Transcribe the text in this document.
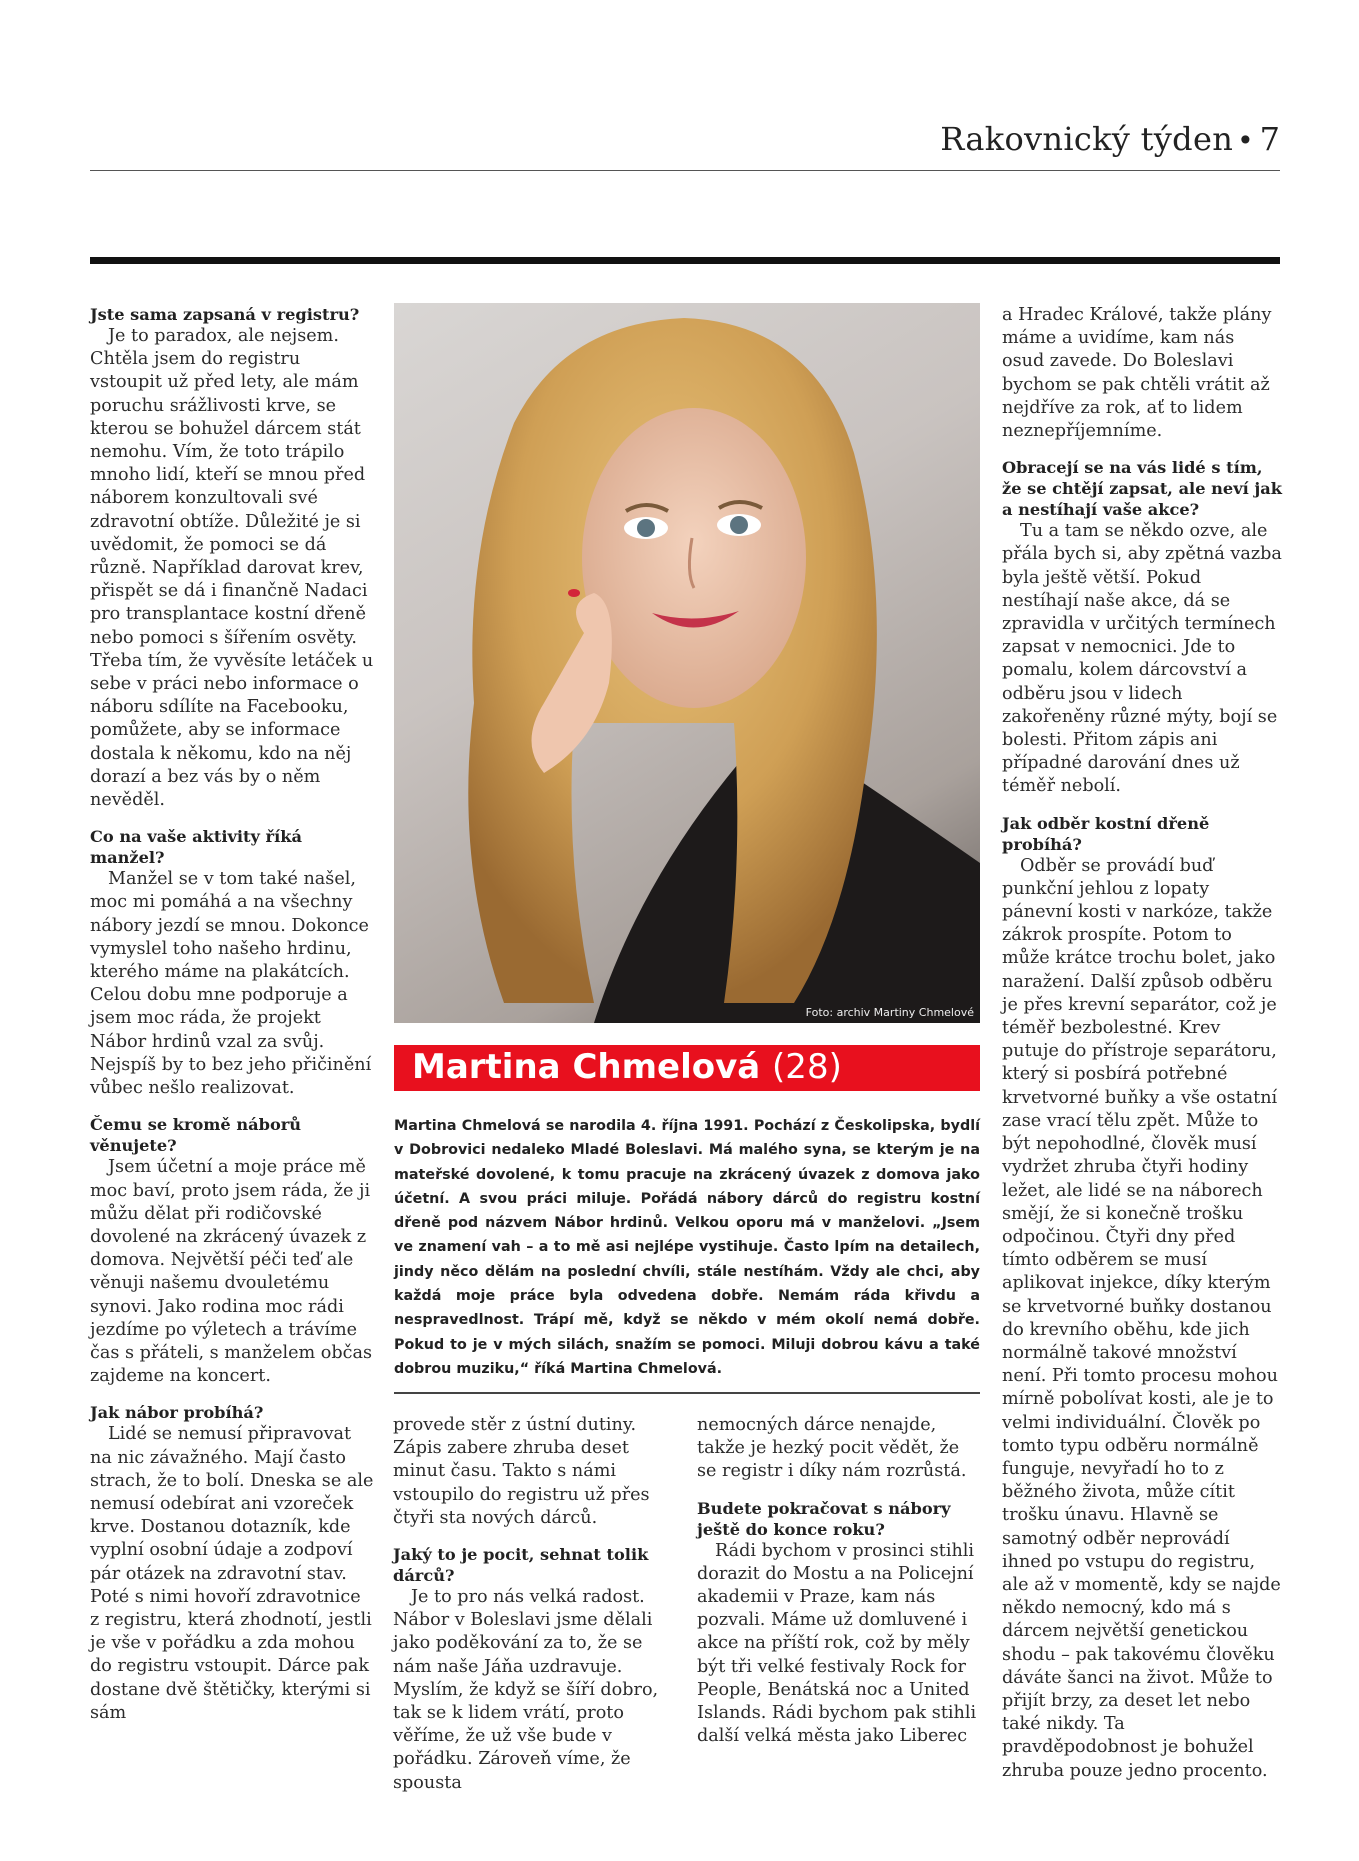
Rakovnický týden • 7

Jste sama zapsaná v registru?

Je to paradox, ale nejsem. Chtěla jsem do registru vstoupit už před lety, ale mám poruchu srážlivosti krve, se kterou se bohužel dárcem stát nemohu. Vím, že toto trápilo mnoho lidí, kteří se mnou před náborem konzultovali své zdravotní obtíže. Důležité je si uvědomit, že pomoci se dá různě. Například darovat krev, přispět se dá i finančně Nadaci pro transplantace kostní dřeně nebo pomoci s šířením osvěty. Třeba tím, že vyvěsíte letáček u sebe v práci nebo informace o náboru sdílíte na Facebooku, pomůžete, aby se informace dostala k někomu, kdo na něj dorazí a bez vás by o něm nevěděl.

Co na vaše aktivity říká manžel?

Manžel se v tom také našel, moc mi pomáhá a na všechny nábory jezdí se mnou. Dokonce vymyslel toho našeho hrdinu, kterého máme na plakátcích. Celou dobu mne podporuje a jsem moc ráda, že projekt Nábor hrdinů vzal za svůj. Nejspíš by to bez jeho přičinění vůbec nešlo realizovat.

Čemu se kromě náborů věnujete?

Jsem účetní a moje práce mě moc baví, proto jsem ráda, že ji můžu dělat při rodičovské dovolené na zkrácený úvazek z domova. Největší péči teď ale věnuji našemu dvouletému synovi. Jako rodina moc rádi jezdíme po výletech a trávíme čas s přáteli, s manželem občas zajdeme na koncert.

Jak nábor probíhá?

Lidé se nemusí připravovat na nic závažného. Mají často strach, že to bolí. Dneska se ale nemusí odebírat ani vzoreček krve. Dostanou dotazník, kde vyplní osobní údaje a zodpoví pár otázek na zdravotní stav. Poté s nimi hovoří zdravotnice z registru, která zhodnotí, jestli je vše v pořádku a zda mohou do registru vstoupit. Dárce pak dostane dvě štětičky, kterými si sám

Foto: archiv Martiny Chmelové
Martina Chmelová (28)
Martina Chmelová se narodila 4. října 1991. Pochází z Českolipska, bydlí v Dobrovici nedaleko Mladé Boleslavi. Má malého syna, se kterým je na mateřské dovolené, k tomu pracuje na zkrácený úvazek z domova jako účetní. A svou práci miluje. Pořádá nábory dárců do registru kostní dřeně pod názvem Nábor hrdinů. Velkou oporu má v manželovi. „Jsem ve znamení vah – a to mě asi nejlépe vystihuje. Často lpím na detailech, jindy něco dělám na poslední chvíli, stále nestíhám. Vždy ale chci, aby každá moje práce byla odvedena dobře. Nemám ráda křivdu a nespravedlnost. Trápí mě, když se někdo v mém okolí nemá dobře. Pokud to je v mých silách, snažím se pomoci. Miluji dobrou kávu a také dobrou muziku,“ říká Martina Chmelová.

provede stěr z ústní dutiny. Zápis zabere zhruba deset minut času. Takto s námi vstoupilo do registru už přes čtyři sta nových dárců.

Jaký to je pocit, sehnat tolik dárců?

Je to pro nás velká radost. Nábor v Boleslavi jsme dělali jako poděkování za to, že se nám naše Jáňa uzdravuje. Myslím, že když se šíří dobro, tak se k lidem vrátí, proto věříme, že už vše bude v pořádku. Zároveň víme, že spousta

nemocných dárce nenajde, takže je hezký pocit vědět, že se registr i díky nám rozrůstá.

Budete pokračovat s nábory ještě do konce roku?

Rádi bychom v prosinci stihli dorazit do Mostu a na Policejní akademii v Praze, kam nás pozvali. Máme už domluvené i akce na příští rok, což by měly být tři velké festivaly Rock for People, Benátská noc a United Islands. Rádi bychom pak stihli další velká města jako Liberec

a Hradec Králové, takže plány máme a uvidíme, kam nás osud zavede. Do Boleslavi bychom se pak chtěli vrátit až nejdříve za rok, ať to lidem neznepříjemníme.

Obracejí se na vás lidé s tím, že se chtějí zapsat, ale neví jak a nestíhají vaše akce?

Tu a tam se někdo ozve, ale přála bych si, aby zpětná vazba byla ještě větší. Pokud nestíhají naše akce, dá se zpravidla v určitých termínech zapsat v nemocnici. Jde to pomalu, kolem dárcovství a odběru jsou v lidech zakořeněny různé mýty, bojí se bolesti. Přitom zápis ani případné darování dnes už téměř nebolí.

Jak odběr kostní dřeně probíhá?

Odběr se provádí buď punkční jehlou z lopaty pánevní kosti v narkóze, takže zákrok prospíte. Potom to může krátce trochu bolet, jako naražení. Další způsob odběru je přes krevní separátor, což je téměř bezbolestné. Krev putuje do přístroje separátoru, který si posbírá potřebné krvetvorné buňky a vše ostatní zase vrací tělu zpět. Může to být nepohodlné, člověk musí vydržet zhruba čtyři hodiny ležet, ale lidé se na náborech smějí, že si konečně trošku odpočinou. Čtyři dny před tímto odběrem se musí aplikovat injekce, díky kterým se krvetvorné buňky dostanou do krevního oběhu, kde jich normálně takové množství není. Při tomto procesu mohou mírně pobolívat kosti, ale je to velmi individuální. Člověk po tomto typu odběru normálně funguje, nevyřadí ho to z běžného života, může cítit trošku únavu. Hlavně se samotný odběr neprovádí ihned po vstupu do registru, ale až v momentě, kdy se najde někdo nemocný, kdo má s dárcem největší genetickou shodu – pak takovému člověku dáváte šanci na život. Může to přijít brzy, za deset let nebo také nikdy. Ta pravděpodobnost je bohužel zhruba pouze jedno procento.
